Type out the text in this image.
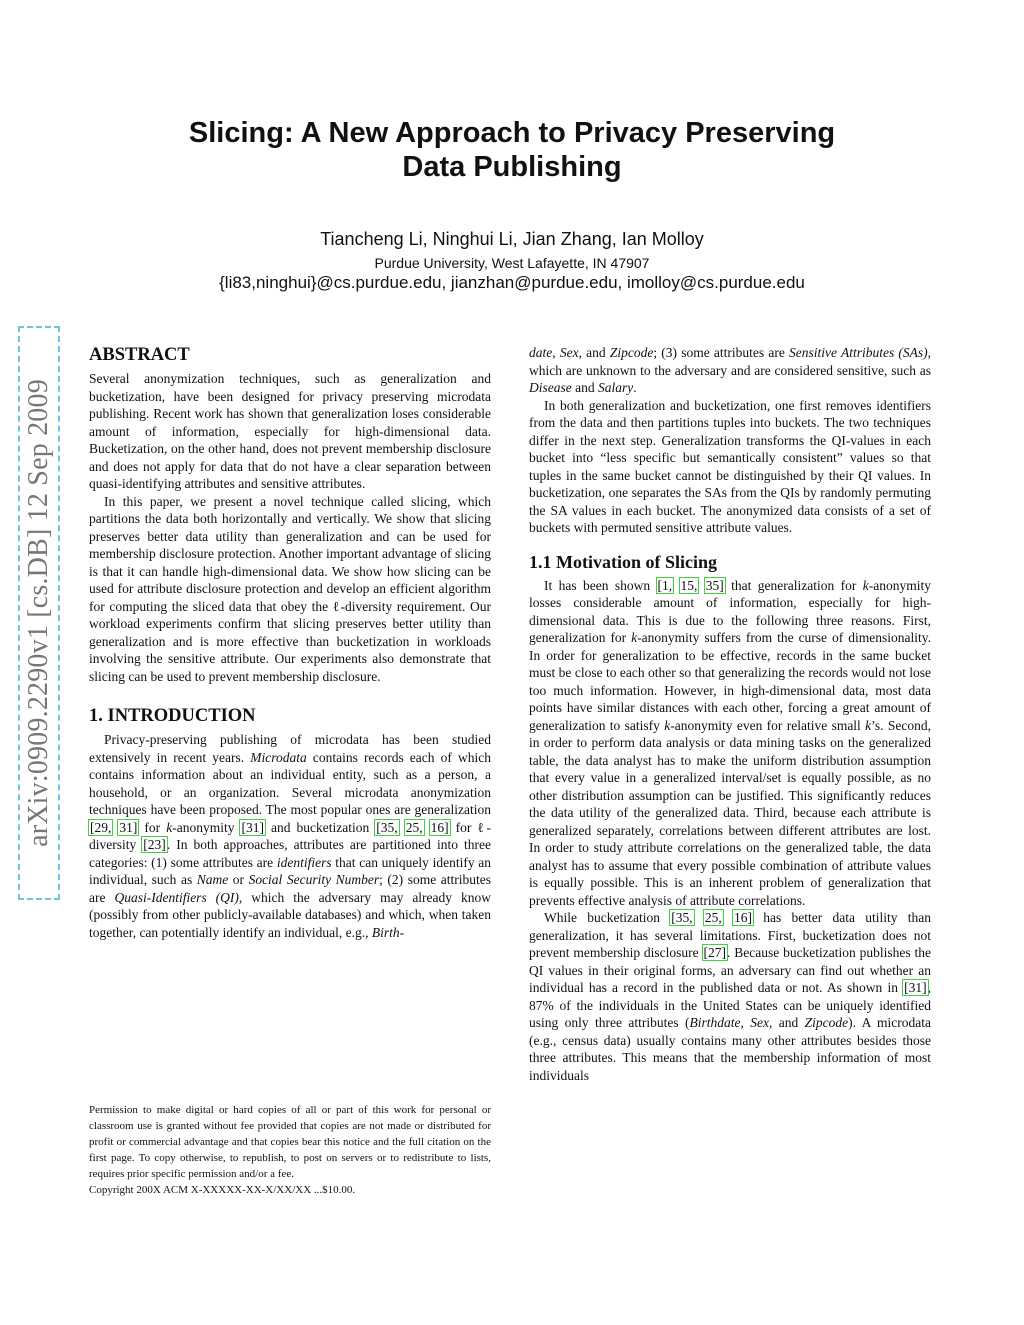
Slicing: A New Approach to Privacy Preserving
Data Publishing
Tiancheng Li, Ninghui Li, Jian Zhang, Ian Molloy
Purdue University, West Lafayette, IN 47907
{li83,ninghui}@cs.purdue.edu, jianzhan@purdue.edu, imolloy@cs.purdue.edu
arXiv:0909.2290v1 [cs.DB] 12 Sep 2009
ABSTRACT

Several anonymization techniques, such as generalization and bucketization, have been designed for privacy preserving microdata publishing. Recent work has shown that generalization loses considerable amount of information, especially for high-dimensional data. Bucketization, on the other hand, does not prevent membership disclosure and does not apply for data that do not have a clear separation between quasi-identifying attributes and sensitive attributes.

In this paper, we present a novel technique called slicing, which partitions the data both horizontally and vertically. We show that slicing preserves better data utility than generalization and can be used for membership disclosure protection. Another important advantage of slicing is that it can handle high-dimensional data. We show how slicing can be used for attribute disclosure protection and develop an efficient algorithm for computing the sliced data that obey the ℓ-diversity requirement. Our workload experiments confirm that slicing preserves better utility than generalization and is more effective than bucketization in workloads involving the sensitive attribute. Our experiments also demonstrate that slicing can be used to prevent membership disclosure.

1. INTRODUCTION

Privacy-preserving publishing of microdata has been studied extensively in recent years. Microdata contains records each of which contains information about an individual entity, such as a person, a household, or an organization. Several microdata anonymization techniques have been proposed. The most popular ones are generalization [29, 31] for k-anonymity [31] and bucketization [35, 25, 16] for ℓ-diversity [23]. In both approaches, attributes are partitioned into three categories: (1) some attributes are identifiers that can uniquely identify an individual, such as Name or Social Security Number; (2) some attributes are Quasi-Identifiers (QI), which the adversary may already know (possibly from other publicly-available databases) and which, when taken together, can potentially identify an individual, e.g., Birth-

Permission to make digital or hard copies of all or part of this work for personal or classroom use is granted without fee provided that copies are not made or distributed for profit or commercial advantage and that copies bear this notice and the full citation on the first page. To copy otherwise, to republish, to post on servers or to redistribute to lists, requires prior specific permission and/or a fee.

Copyright 200X ACM X-XXXXX-XX-X/XX/XX ...$10.00.

date, Sex, and Zipcode; (3) some attributes are Sensitive Attributes (SAs), which are unknown to the adversary and are considered sensitive, such as Disease and Salary.

In both generalization and bucketization, one first removes identifiers from the data and then partitions tuples into buckets. The two techniques differ in the next step. Generalization transforms the QI-values in each bucket into “less specific but semantically consistent” values so that tuples in the same bucket cannot be distinguished by their QI values. In bucketization, one separates the SAs from the QIs by randomly permuting the SA values in each bucket. The anonymized data consists of a set of buckets with permuted sensitive attribute values.

1.1 Motivation of Slicing

It has been shown [1, 15, 35] that generalization for k-anonymity losses considerable amount of information, especially for high-dimensional data. This is due to the following three reasons. First, generalization for k-anonymity suffers from the curse of dimensionality. In order for generalization to be effective, records in the same bucket must be close to each other so that generalizing the records would not lose too much information. However, in high-dimensional data, most data points have similar distances with each other, forcing a great amount of generalization to satisfy k-anonymity even for relative small k’s. Second, in order to perform data analysis or data mining tasks on the generalized table, the data analyst has to make the uniform distribution assumption that every value in a generalized interval/set is equally possible, as no other distribution assumption can be justified. This significantly reduces the data utility of the generalized data. Third, because each attribute is generalized separately, correlations between different attributes are lost. In order to study attribute correlations on the generalized table, the data analyst has to assume that every possible combination of attribute values is equally possible. This is an inherent problem of generalization that prevents effective analysis of attribute correlations.

While bucketization [35, 25, 16] has better data utility than generalization, it has several limitations. First, bucketization does not prevent membership disclosure [27]. Because bucketization publishes the QI values in their original forms, an adversary can find out whether an individual has a record in the published data or not. As shown in [31], 87% of the individuals in the United States can be uniquely identified using only three attributes (Birthdate, Sex, and Zipcode). A microdata (e.g., census data) usually contains many other attributes besides those three attributes. This means that the membership information of most individuals
